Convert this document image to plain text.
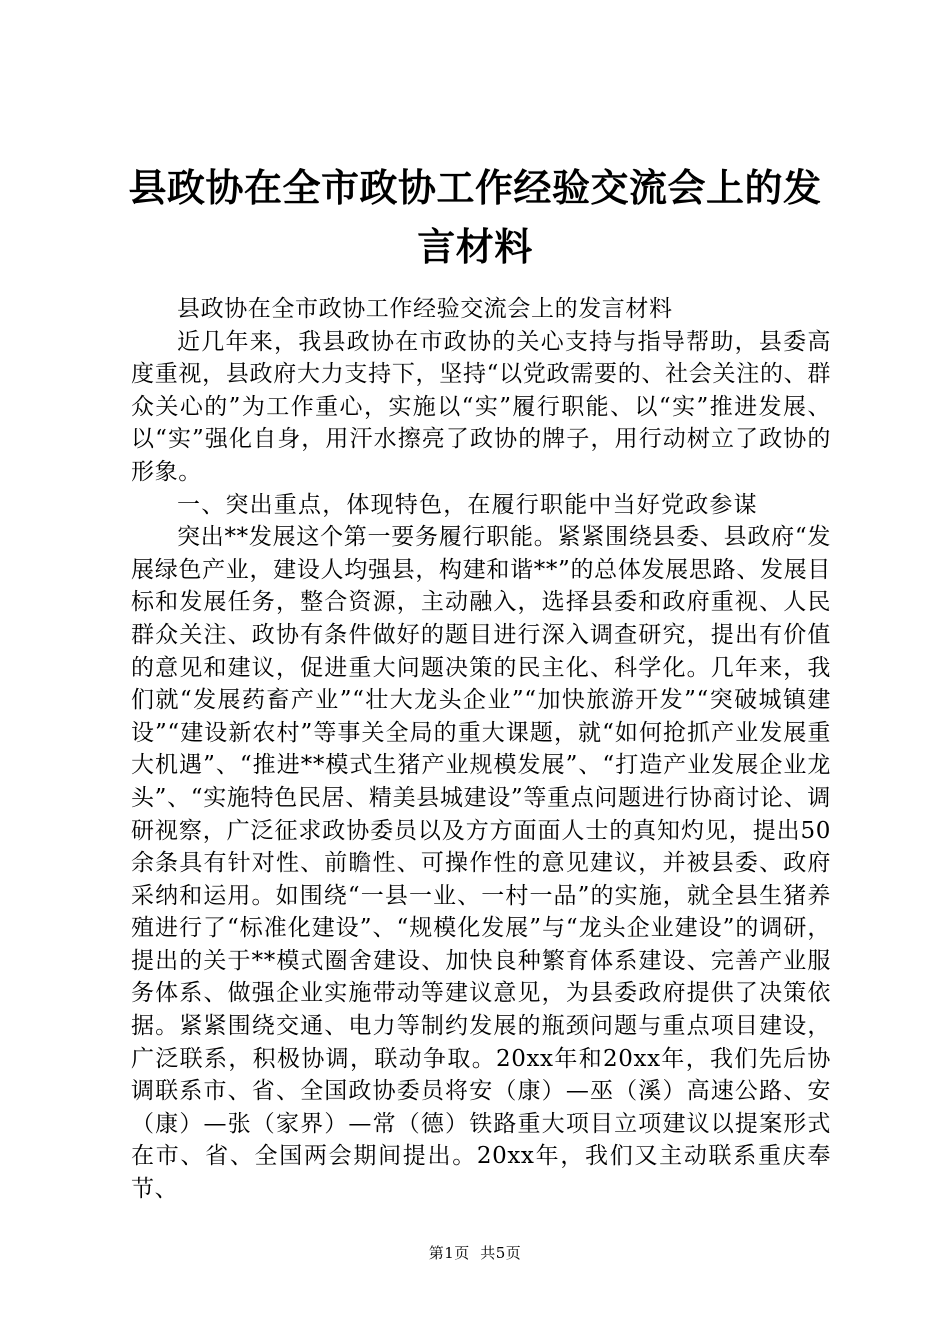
县政协在全市政协工作经验交流会上的发言材料

县政协在全市政协工作经验交流会上的发言材料

近几年来，我县政协在市政协的关心支持与指导帮助，县委高度重视，县政府大力支持下，坚持“以党政需要的、社会关注的、群众关心的”为工作重心，实施以“实”履行职能、以“实”推进发展、以“实”强化自身，用汗水擦亮了政协的牌子，用行动树立了政协的形象。

一、突出重点，体现特色，在履行职能中当好党政参谋

突出**发展这个第一要务履行职能。紧紧围绕县委、县政府“发展绿色产业，建设人均强县，构建和谐**”的总体发展思路、发展目标和发展任务，整合资源，主动融入，选择县委和政府重视、人民群众关注、政协有条件做好的题目进行深入调查研究，提出有价值的意见和建议，促进重大问题决策的民主化、科学化。几年来，我们就“发展药畜产业”“壮大龙头企业”“加快旅游开发”“突破城镇建设”“建设新农村”等事关全局的重大课题，就“如何抢抓产业发展重大机遇”、“推进**模式生猪产业规模发展”、“打造产业发展企业龙头”、“实施特色民居、精美县城建设”等重点问题进行协商讨论、调研视察，广泛征求政协委员以及方方面面人士的真知灼见，提出50余条具有针对性、前瞻性、可操作性的意见建议，并被县委、政府采纳和运用。如围绕“一县一业、一村一品”的实施，就全县生猪养殖进行了“标准化建设”、“规模化发展”与“龙头企业建设”的调研，提出的关于**模式圈舍建设、加快良种繁育体系建设、完善产业服务体系、做强企业实施带动等建议意见，为县委政府提供了决策依据。紧紧围绕交通、电力等制约发展的瓶颈问题与重点项目建设，广泛联系，积极协调，联动争取。20xx年和20xx年，我们先后协调联系市、省、全国政协委员将安（康）—巫（溪）高速公路、安（康）—张（家界）—常（德）铁路重大项目立项建议以提案形式在市、省、全国两会期间提出。20xx年，我们又主动联系重庆奉节、

第1页  共5页
